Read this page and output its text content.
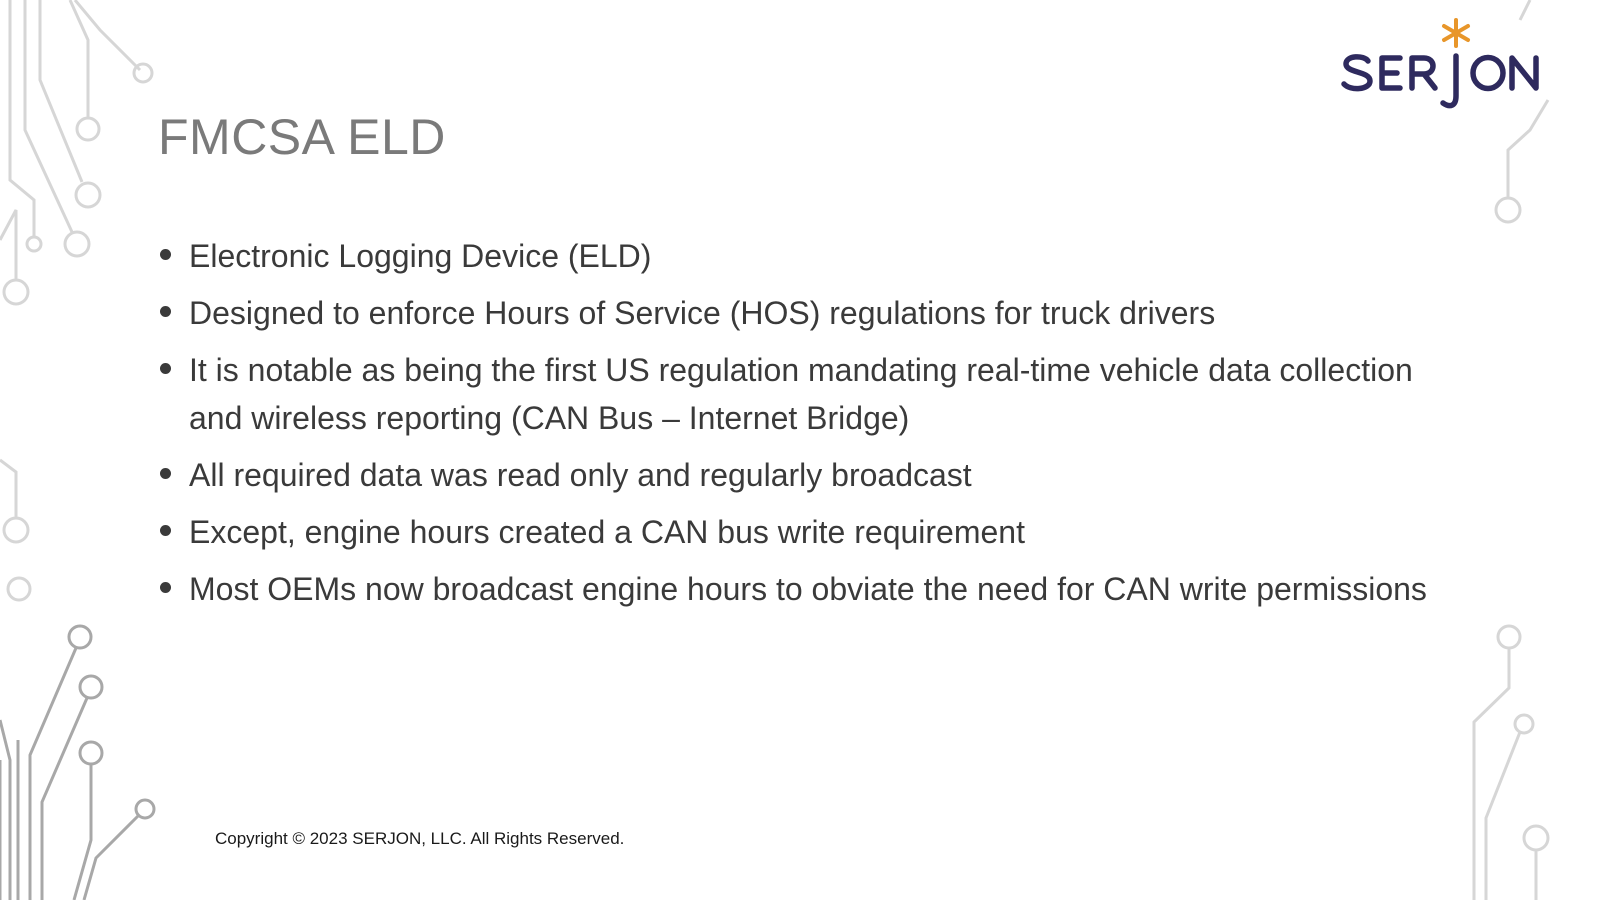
FMCSA ELD
Electronic Logging Device (ELD)
Designed to enforce Hours of Service (HOS) regulations for truck drivers
It is notable as being the first US regulation mandating real-time vehicle data collection and wireless reporting (CAN Bus – Internet Bridge)
All required data was read only and regularly broadcast
Except, engine hours created a CAN bus write requirement
Most OEMs now broadcast engine hours to obviate the need for CAN write permissions
Copyright © 2023 SERJON, LLC. All Rights Reserved.
